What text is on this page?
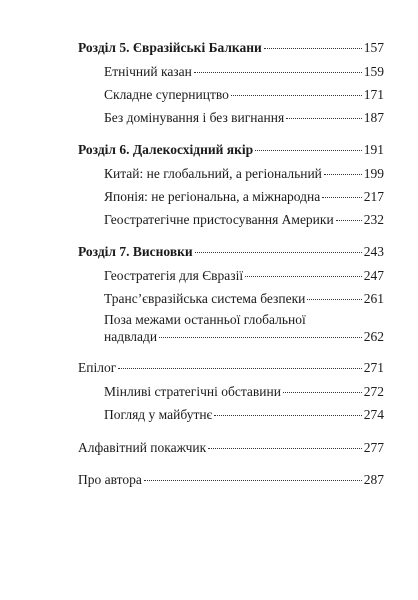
Розділ 5. Євразійські Балкани	157
Етнічний казан	159
Складне суперництво	171
Без домінування і без вигнання	187
Розділ 6. Далекосхідний якір	191
Китай: не глобальний, а регіональний	199
Японія: не регіональна, а міжнародна	217
Геостратегічне пристосування Америки 232
Розділ 7. Висновки	243
Геостратегія для Євразії	247
Транс’євразійська система безпеки	261
Поза межами останньої глобальної
надвлади	262
Епілог	271
Мінливі стратегічні обставини	272
Погляд у майбутнє	274
Алфавітний покажчик	277
Про автора	287
